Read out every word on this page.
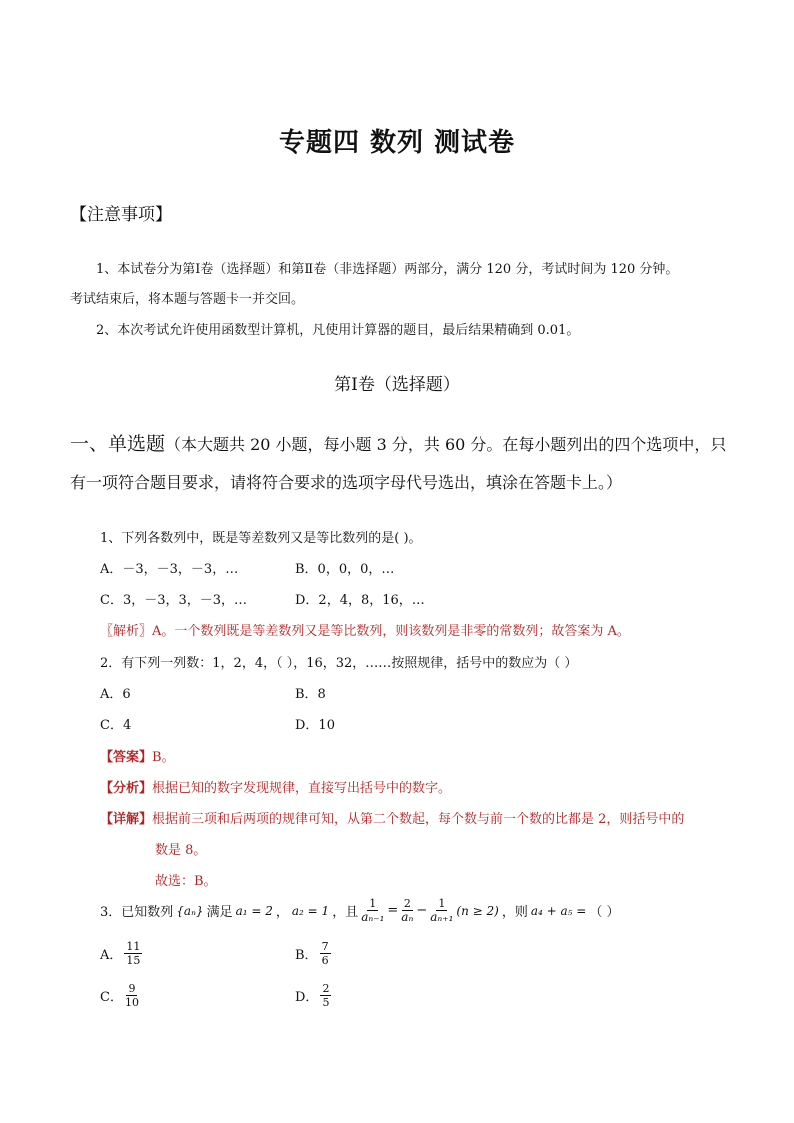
专题四 数列 测试卷
【注意事项】
1、本试卷分为第Ⅰ卷（选择题）和第Ⅱ卷（非选择题）两部分，满分 120 分，考试时间为 120 分钟。
考试结束后，将本题与答题卡一并交回。
2、本次考试允许使用函数型计算机，凡使用计算器的题目，最后结果精确到 0.01。
第Ⅰ卷（选择题）
一、单选题（本大题共 20 小题，每小题 3 分，共 60 分。在每小题列出的四个选项中，只
有一项符合题目要求，请将符合要求的选项字母代号选出，填涂在答题卡上。）
1、下列各数列中，既是等差数列又是等比数列的是( )。
A．－3，－3，－3，…	B．0，0，0，…
C．3，－3，3，－3，…	D．2，4，8，16，…
〖解析〗A。一个数列既是等差数列又是等比数列，则该数列是非零的常数列；故答案为 A。
2．有下列一列数：1，2，4，（ ），16，32，……按照规律，括号中的数应为（ ）
A．6	B．8
C．4	D．10
【答案】B。
【分析】根据已知的数字发现规律，直接写出括号中的数字。
【详解】根据前三项和后两项的规律可知，从第二个数起，每个数与前一个数的比都是 2，则括号中的
数是 8。
故选：B。
3．已知数列 {aₙ} 满足 a₁ = 2 ， a₂ = 1 ，且 $\frac{1}{\text{aₙ₋₁}} = \frac{2}{\text{aₙ}} - \frac{1}{\text{aₙ₊₁}} (n \ge 2)$ ，则 a₄ + a₅ = （ ）
A． $\frac{11}{15}$	B． $\frac{7}{6}$
C． $\frac{9}{10}$	D． $\frac{2}{5}$
